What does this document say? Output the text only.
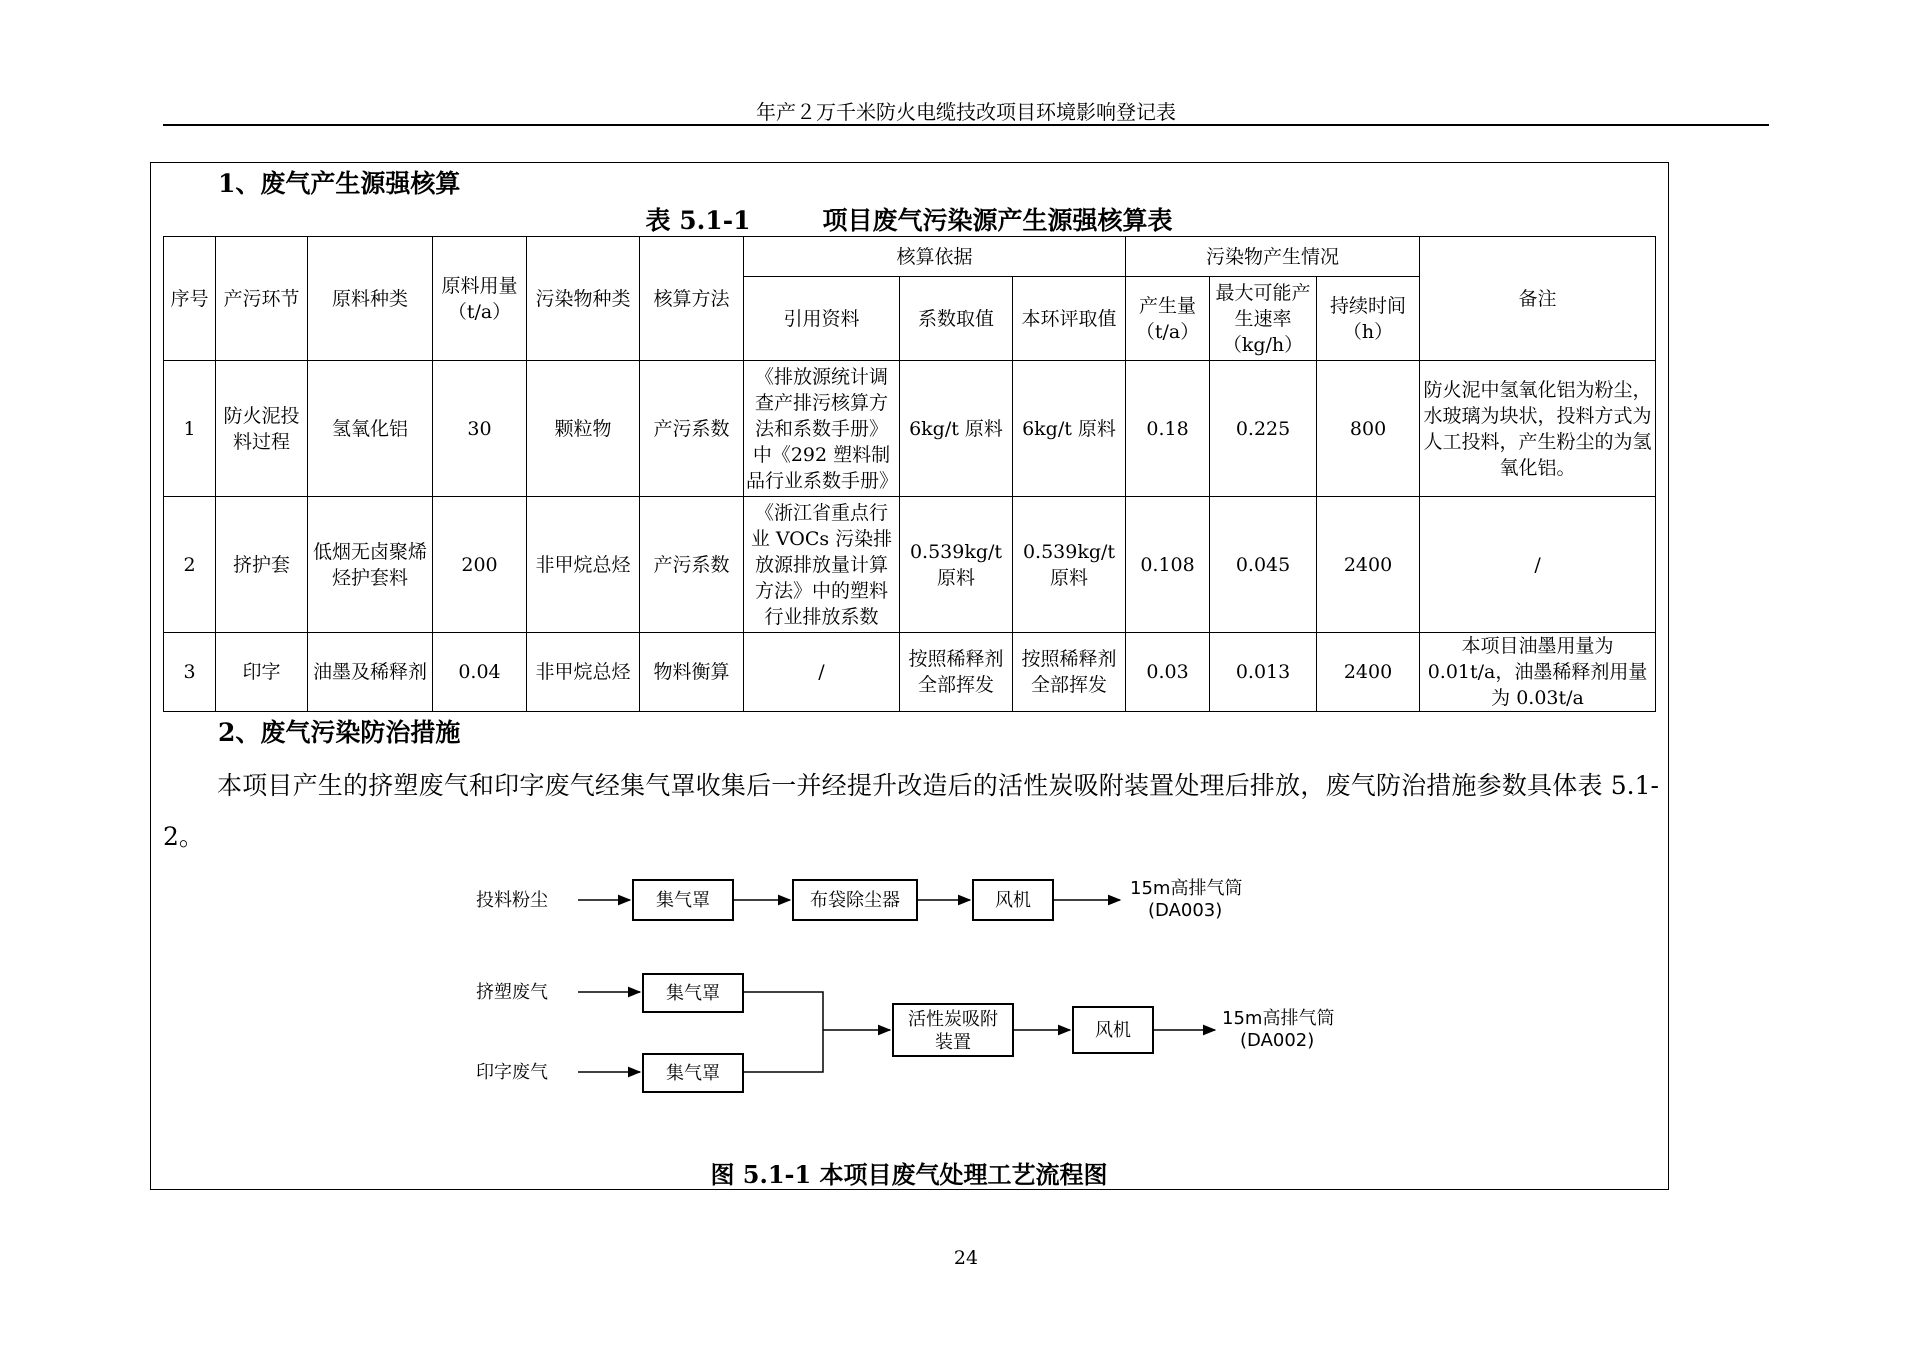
年产２万千米防火电缆技改项目环境影响登记表
1、废气产生源强核算
表 5.1-1	项目废气污染源产生源强核算表
序号	产污环节	原料种类	原料用量（t/a）	污染物种类	核算方法	核算依据			污染物产生情况			备注
						引用资料	系数取值	本环评取值	产生量（t/a）	最大可能产生速率（kg/h）	持续时间（h）	
1	防火泥投料过程	氢氧化铝	30	颗粒物	产污系数	《排放源统计调查产排污核算方法和系数手册》中《292 塑料制品行业系数手册》	6kg/t 原料	6kg/t 原料	0.18	0.225	800	防火泥中氢氧化铝为粉尘，水玻璃为块状，投料方式为人工投料，产生粉尘的为氢氧化铝。
2	挤护套	低烟无卤聚烯烃护套料	200	非甲烷总烃	产污系数	《浙江省重点行业 VOCs 污染排放源排放量计算方法》中的塑料行业排放系数	0.539kg/t 原料	0.539kg/t 原料	0.108	0.045	2400	/
3	印字	油墨及稀释剂	0.04	非甲烷总烃	物料衡算	/	按照稀释剂全部挥发	按照稀释剂全部挥发	0.03	0.013	2400	本项目油墨用量为 0.01t/a，油墨稀释剂用量为 0.03t/a
2、废气污染防治措施
本项目产生的挤塑废气和印字废气经集气罩收集后一并经提升改造后的活性炭吸附装置处理后排放，废气防治措施参数具体表 5.1-2。
投料粉尘	集气罩	布袋除尘器	风机
15m高排气筒
(DA003)
挤塑废气	集气罩
印字废气	集气罩
活性炭吸附
装置
风机
15m高排气筒
(DA002)
图 5.1-1 本项目废气处理工艺流程图
24
